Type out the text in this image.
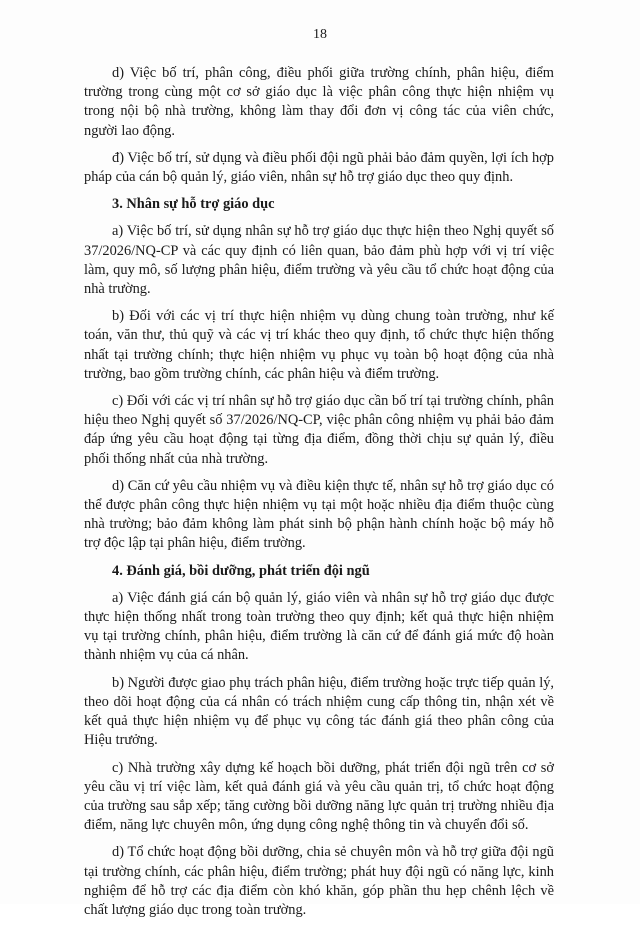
18

d) Việc bố trí, phân công, điều phối giữa trường chính, phân hiệu, điểm trường trong cùng một cơ sở giáo dục là việc phân công thực hiện nhiệm vụ trong nội bộ nhà trường, không làm thay đổi đơn vị công tác của viên chức, người lao động.

đ) Việc bố trí, sử dụng và điều phối đội ngũ phải bảo đảm quyền, lợi ích hợp pháp của cán bộ quản lý, giáo viên, nhân sự hỗ trợ giáo dục theo quy định.

3. Nhân sự hỗ trợ giáo dục

a) Việc bố trí, sử dụng nhân sự hỗ trợ giáo dục thực hiện theo Nghị quyết số 37/2026/NQ-CP và các quy định có liên quan, bảo đảm phù hợp với vị trí việc làm, quy mô, số lượng phân hiệu, điểm trường và yêu cầu tổ chức hoạt động của nhà trường.

b) Đối với các vị trí thực hiện nhiệm vụ dùng chung toàn trường, như kế toán, văn thư, thủ quỹ và các vị trí khác theo quy định, tổ chức thực hiện thống nhất tại trường chính; thực hiện nhiệm vụ phục vụ toàn bộ hoạt động của nhà trường, bao gồm trường chính, các phân hiệu và điểm trường.

c) Đối với các vị trí nhân sự hỗ trợ giáo dục cần bố trí tại trường chính, phân hiệu theo Nghị quyết số 37/2026/NQ-CP, việc phân công nhiệm vụ phải bảo đảm đáp ứng yêu cầu hoạt động tại từng địa điểm, đồng thời chịu sự quản lý, điều phối thống nhất của nhà trường.

d) Căn cứ yêu cầu nhiệm vụ và điều kiện thực tế, nhân sự hỗ trợ giáo dục có thể được phân công thực hiện nhiệm vụ tại một hoặc nhiều địa điểm thuộc cùng nhà trường; bảo đảm không làm phát sinh bộ phận hành chính hoặc bộ máy hỗ trợ độc lập tại phân hiệu, điểm trường.

4. Đánh giá, bồi dưỡng, phát triển đội ngũ

a) Việc đánh giá cán bộ quản lý, giáo viên và nhân sự hỗ trợ giáo dục được thực hiện thống nhất trong toàn trường theo quy định; kết quả thực hiện nhiệm vụ tại trường chính, phân hiệu, điểm trường là căn cứ để đánh giá mức độ hoàn thành nhiệm vụ của cá nhân.

b) Người được giao phụ trách phân hiệu, điểm trường hoặc trực tiếp quản lý, theo dõi hoạt động của cá nhân có trách nhiệm cung cấp thông tin, nhận xét về kết quả thực hiện nhiệm vụ để phục vụ công tác đánh giá theo phân công của Hiệu trưởng.

c) Nhà trường xây dựng kế hoạch bồi dưỡng, phát triển đội ngũ trên cơ sở yêu cầu vị trí việc làm, kết quả đánh giá và yêu cầu quản trị, tổ chức hoạt động của trường sau sắp xếp; tăng cường bồi dưỡng năng lực quản trị trường nhiều địa điểm, năng lực chuyên môn, ứng dụng công nghệ thông tin và chuyển đổi số.

d) Tổ chức hoạt động bồi dưỡng, chia sẻ chuyên môn và hỗ trợ giữa đội ngũ tại trường chính, các phân hiệu, điểm trường; phát huy đội ngũ có năng lực, kinh nghiệm để hỗ trợ các địa điểm còn khó khăn, góp phần thu hẹp chênh lệch về chất lượng giáo dục trong toàn trường.
